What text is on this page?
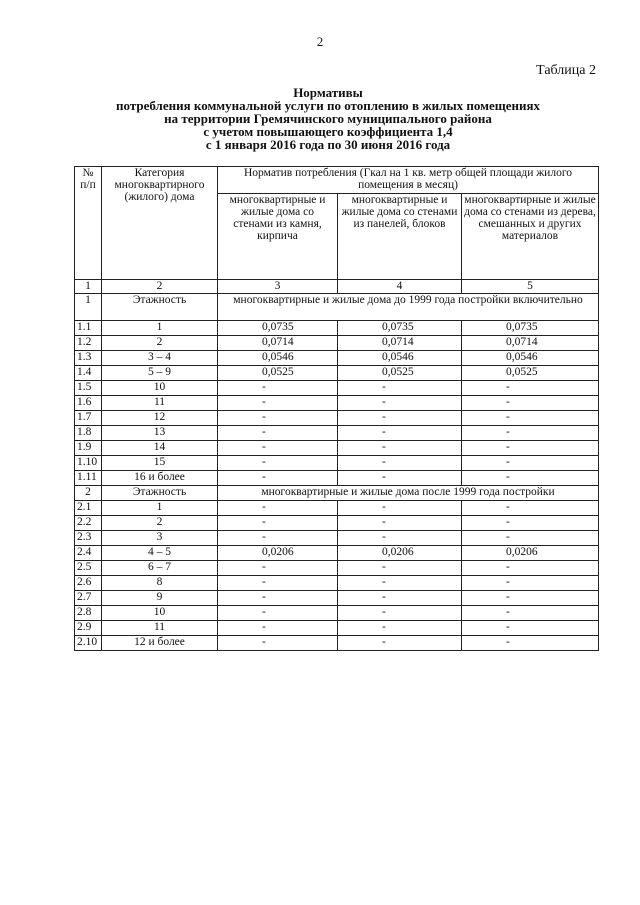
2
Таблица 2
Нормативы
потребления коммунальной услуги по отоплению в жилых помещениях
на территории Гремячинского муниципального района
с учетом повышающего коэффициента 1,4
с 1 января 2016 года по 30 июня 2016 года
№ п/п	Категория многоквартирного (жилого) дома	Норматив потребления (Гкал на 1 кв. метр общей площади жилого помещения в месяц)		
		многоквартирные и жилые дома со стенами из камня, кирпича	многоквартирные и жилые дома со стенами из панелей, блоков	многоквартирные и жилые дома со стенами из дерева, смешанных и других материалов
1	2	3	4	5
1	Этажность	многоквартирные и жилые дома до 1999 года постройки включительно		
1.1	1	0,0735	0,0735	0,0735
1.2	2	0,0714	0,0714	0,0714
1.3	3 – 4	0,0546	0,0546	0,0546
1.4	5 – 9	0,0525	0,0525	0,0525
1.5	10	-	-	-
1.6	11	-	-	-
1.7	12	-	-	-
1.8	13	-	-	-
1.9	14	-	-	-
1.10	15	-	-	-
1.11	16 и более	-	-	-
2	Этажность	многоквартирные и жилые дома после 1999 года постройки		
2.1	1	-	-	-
2.2	2	-	-	-
2.3	3	-	-	-
2.4	4 – 5	0,0206	0,0206	0,0206
2.5	6 – 7	-	-	-
2.6	8	-	-	-
2.7	9	-	-	-
2.8	10	-	-	-
2.9	11	-	-	-
2.10	12 и более	-	-	-
